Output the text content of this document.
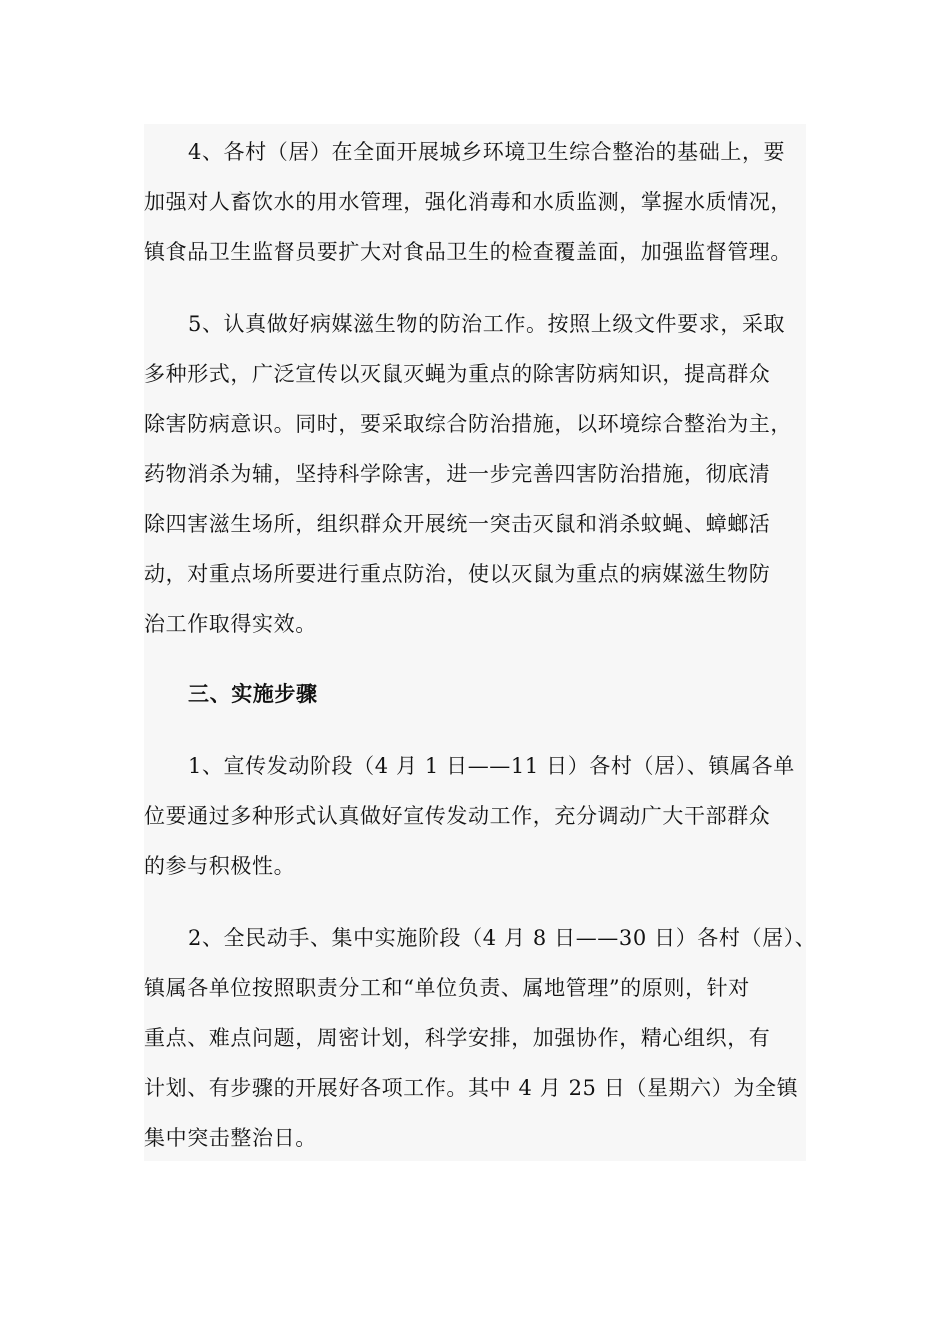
4、各村（居）在全面开展城乡环境卫生综合整治的基础上，要
加强对人畜饮水的用水管理，强化消毒和水质监测，掌握水质情况，
镇食品卫生监督员要扩大对食品卫生的检查覆盖面，加强监督管理。
5、认真做好病媒滋生物的防治工作。按照上级文件要求，采取
多种形式，广泛宣传以灭鼠灭蝇为重点的除害防病知识，提高群众
除害防病意识。同时，要采取综合防治措施，以环境综合整治为主，
药物消杀为辅，坚持科学除害，进一步完善四害防治措施，彻底清
除四害滋生场所，组织群众开展统一突击灭鼠和消杀蚊蝇、蟑螂活
动，对重点场所要进行重点防治，使以灭鼠为重点的病媒滋生物防
治工作取得实效。
三、实施步骤
1、宣传发动阶段（4 月 1 日——11 日）各村（居）、镇属各单
位要通过多种形式认真做好宣传发动工作，充分调动广大干部群众
的参与积极性。
2、全民动手、集中实施阶段（4 月 8 日——30 日）各村（居）、
镇属各单位按照职责分工和“单位负责、属地管理”的原则，针对
重点、难点问题，周密计划，科学安排，加强协作，精心组织，有
计划、有步骤的开展好各项工作。其中 4 月 25 日（星期六）为全镇
集中突击整治日。
